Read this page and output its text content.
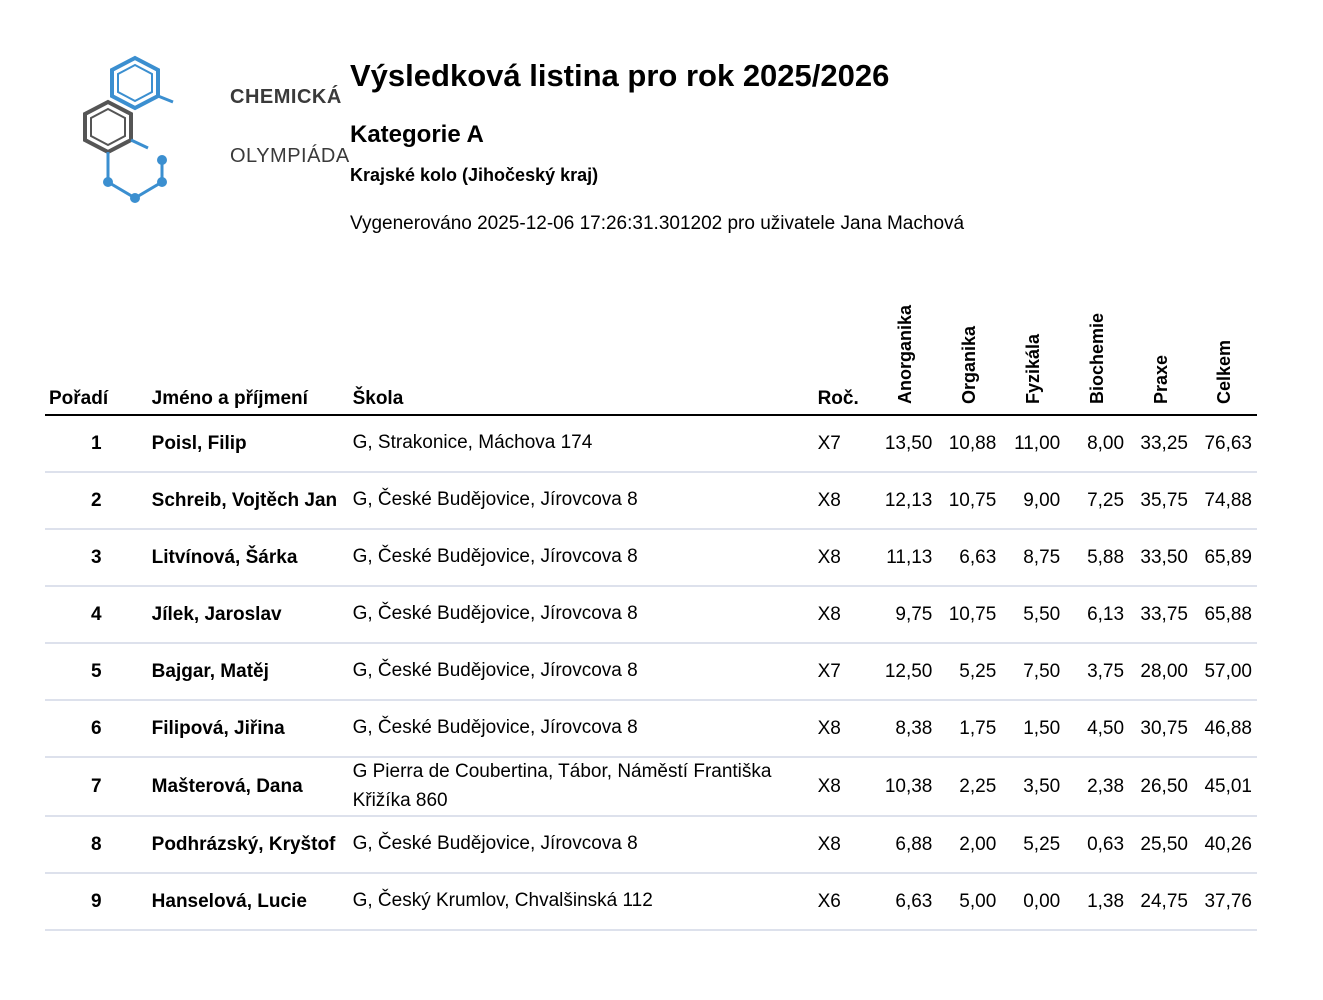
CHEMICKÁ
OLYMPIÁDA
Výsledková listina pro rok 2025/2026
Kategorie A
Krajské kolo (Jihočeský kraj)
Vygenerováno 2025-12-06 17:26:31.301202 pro uživatele Jana Machová
Pořadí	Jméno a příjmení	Škola	Roč.	Anorganika	Organika	Fyzikála	Biochemie	Praxe	Celkem
1	Poisl, Filip	G, Strakonice, Máchova 174	X7	13,50	10,88	11,00	8,00	33,25	76,63
2	Schreib, Vojtěch Jan	G, České Budějovice, Jírovcova 8	X8	12,13	10,75	9,00	7,25	35,75	74,88
3	Litvínová, Šárka	G, České Budějovice, Jírovcova 8	X8	11,13	6,63	8,75	5,88	33,50	65,89
4	Jílek, Jaroslav	G, České Budějovice, Jírovcova 8	X8	9,75	10,75	5,50	6,13	33,75	65,88
5	Bajgar, Matěj	G, České Budějovice, Jírovcova 8	X7	12,50	5,25	7,50	3,75	28,00	57,00
6	Filipová, Jiřina	G, České Budějovice, Jírovcova 8	X8	8,38	1,75	1,50	4,50	30,75	46,88
7	Mašterová, Dana	G Pierra de Coubertina, Tábor, Náměstí Františka Křižíka 860	X8	10,38	2,25	3,50	2,38	26,50	45,01
8	Podhrázský, Kryštof	G, České Budějovice, Jírovcova 8	X8	6,88	2,00	5,25	0,63	25,50	40,26
9	Hanselová, Lucie	G, Český Krumlov, Chvalšinská 112	X6	6,63	5,00	0,00	1,38	24,75	37,76
